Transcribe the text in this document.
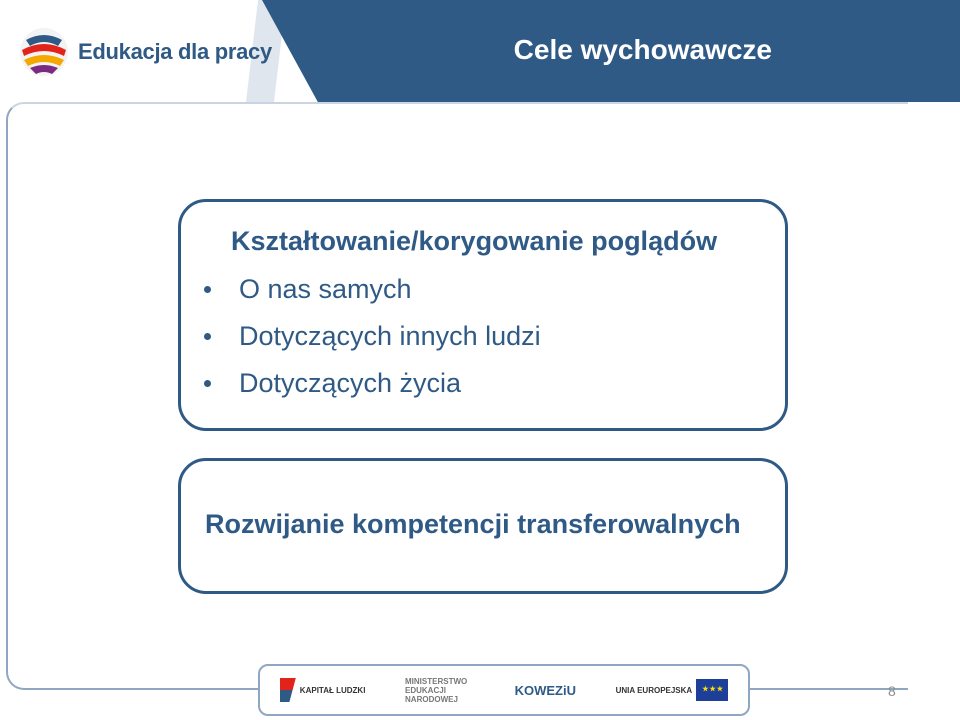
Cele wychowawcze
Edukacja dla pracy
Kształtowanie/korygowanie poglądów
O nas samych
Dotyczących innych ludzi
Dotyczących życia
Rozwijanie kompetencji transferowalnych
KAPITAŁ LUDZKI
MINISTERSTWO EDUKACJI NARODOWEJ
KOWEZiU	UNIA EUROPEJSKA
★★★	8
